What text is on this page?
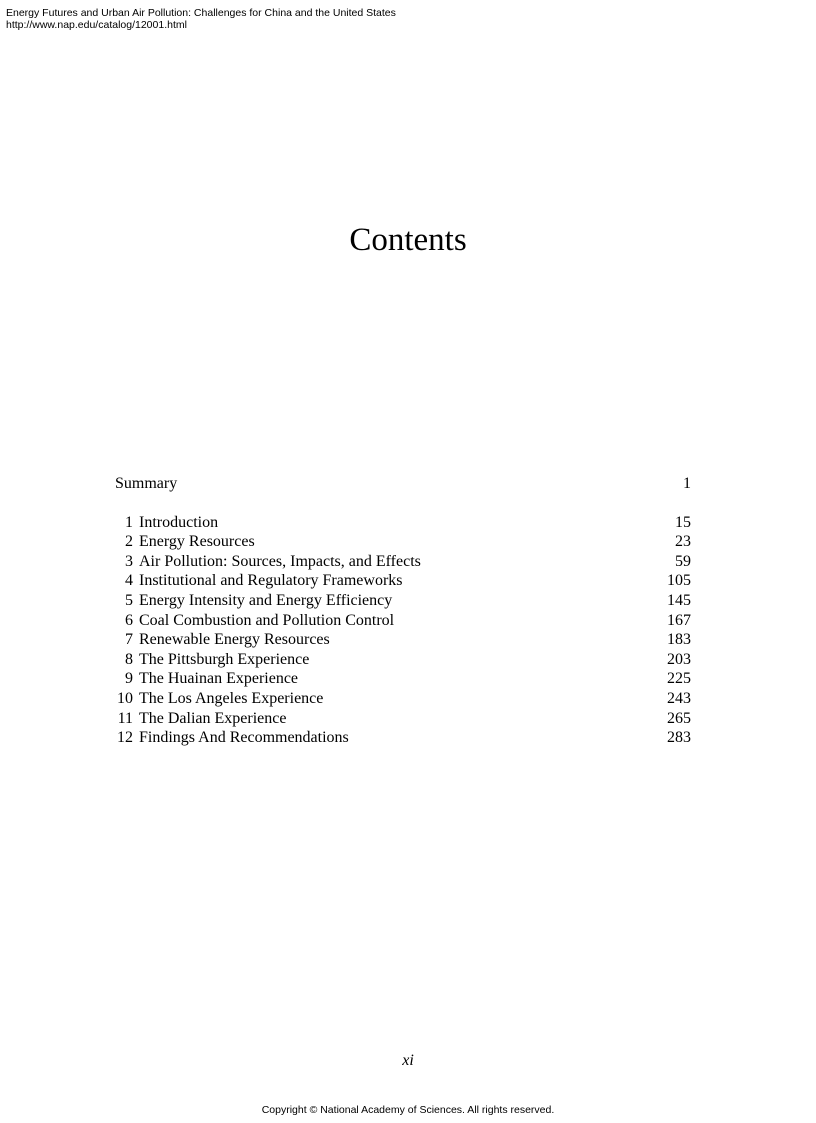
Energy Futures and Urban Air Pollution: Challenges for China and the United States
http://www.nap.edu/catalog/12001.html
Contents
Summary	1
1 Introduction	15
2 Energy Resources	23
3 Air Pollution: Sources, Impacts, and Effects	59
4 Institutional and Regulatory Frameworks	105
5 Energy Intensity and Energy Efficiency	145
6 Coal Combustion and Pollution Control	167
7 Renewable Energy Resources	183
8 The Pittsburgh Experience	203
9 The Huainan Experience	225
10 The Los Angeles Experience	243
11 The Dalian Experience	265
12 Findings And Recommendations	283
xi
Copyright © National Academy of Sciences. All rights reserved.
